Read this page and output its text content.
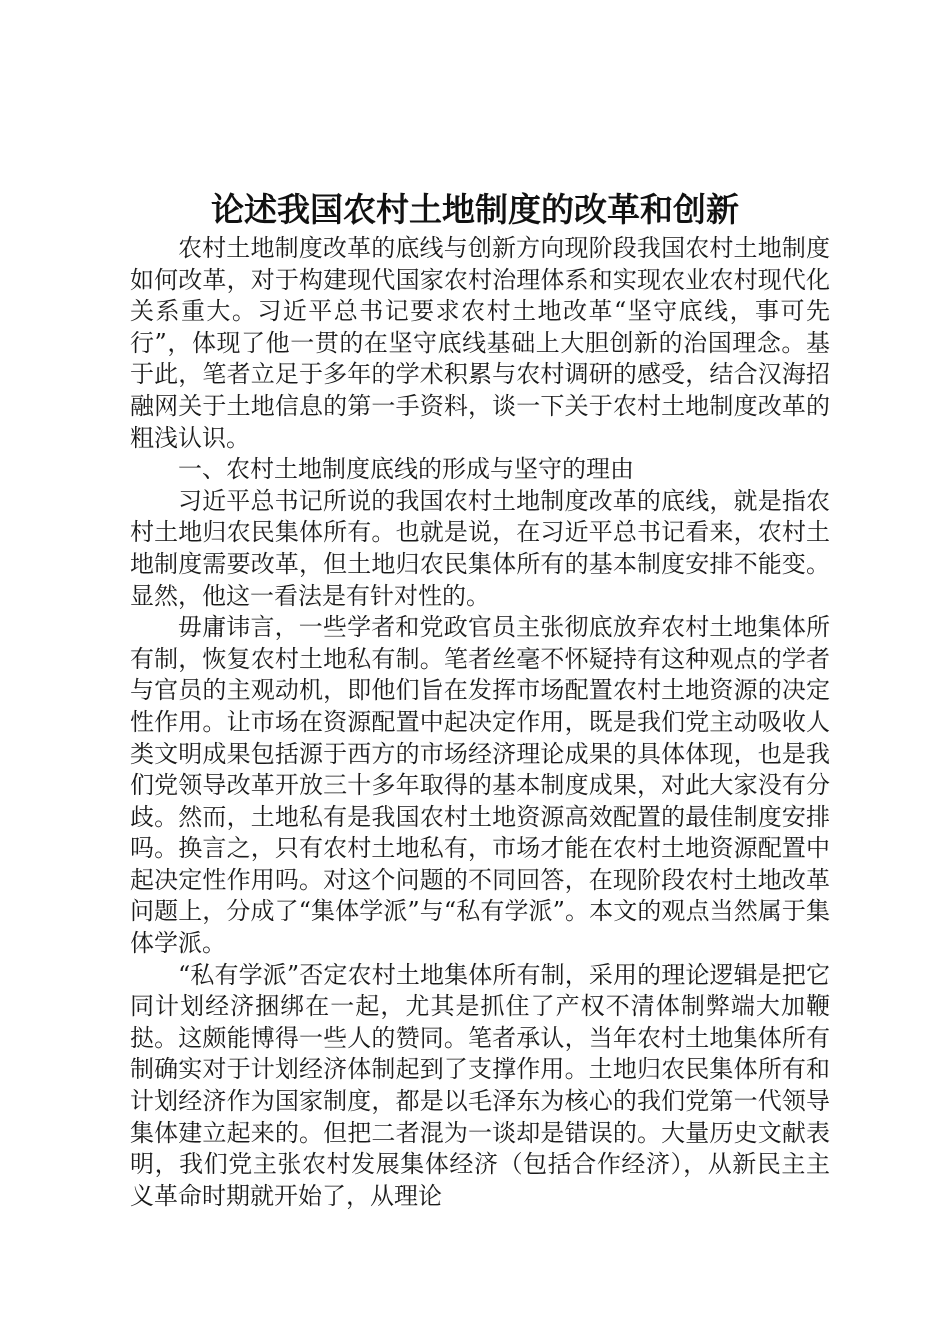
论述我国农村土地制度的改革和创新

农村土地制度改革的底线与创新方向现阶段我国农村土地制度如何改革，对于构建现代国家农村治理体系和实现农业农村现代化关系重大。习近平总书记要求农村土地改革“坚守底线，事可先行”，体现了他一贯的在坚守底线基础上大胆创新的治国理念。基于此，笔者立足于多年的学术积累与农村调研的感受，结合汉海招融网关于土地信息的第一手资料，谈一下关于农村土地制度改革的粗浅认识。

一、农村土地制度底线的形成与坚守的理由

习近平总书记所说的我国农村土地制度改革的底线，就是指农村土地归农民集体所有。也就是说，在习近平总书记看来，农村土地制度需要改革，但土地归农民集体所有的基本制度安排不能变。显然，他这一看法是有针对性的。

毋庸讳言，一些学者和党政官员主张彻底放弃农村土地集体所有制，恢复农村土地私有制。笔者丝毫不怀疑持有这种观点的学者与官员的主观动机，即他们旨在发挥市场配置农村土地资源的决定性作用。让市场在资源配置中起决定作用，既是我们党主动吸收人类文明成果包括源于西方的市场经济理论成果的具体体现，也是我们党领导改革开放三十多年取得的基本制度成果，对此大家没有分歧。然而，土地私有是我国农村土地资源高效配置的最佳制度安排吗。换言之，只有农村土地私有，市场才能在农村土地资源配置中起决定性作用吗。对这个问题的不同回答，在现阶段农村土地改革问题上，分成了“集体学派”与“私有学派”。本文的观点当然属于集体学派。

“私有学派”否定农村土地集体所有制，采用的理论逻辑是把它同计划经济捆绑在一起，尤其是抓住了产权不清体制弊端大加鞭挞。这颇能博得一些人的赞同。笔者承认，当年农村土地集体所有制确实对于计划经济体制起到了支撑作用。土地归农民集体所有和计划经济作为国家制度，都是以毛泽东为核心的我们党第一代领导集体建立起来的。但把二者混为一谈却是错误的。大量历史文献表明，我们党主张农村发展集体经济（包括合作经济），从新民主主义革命时期就开始了，从理论
